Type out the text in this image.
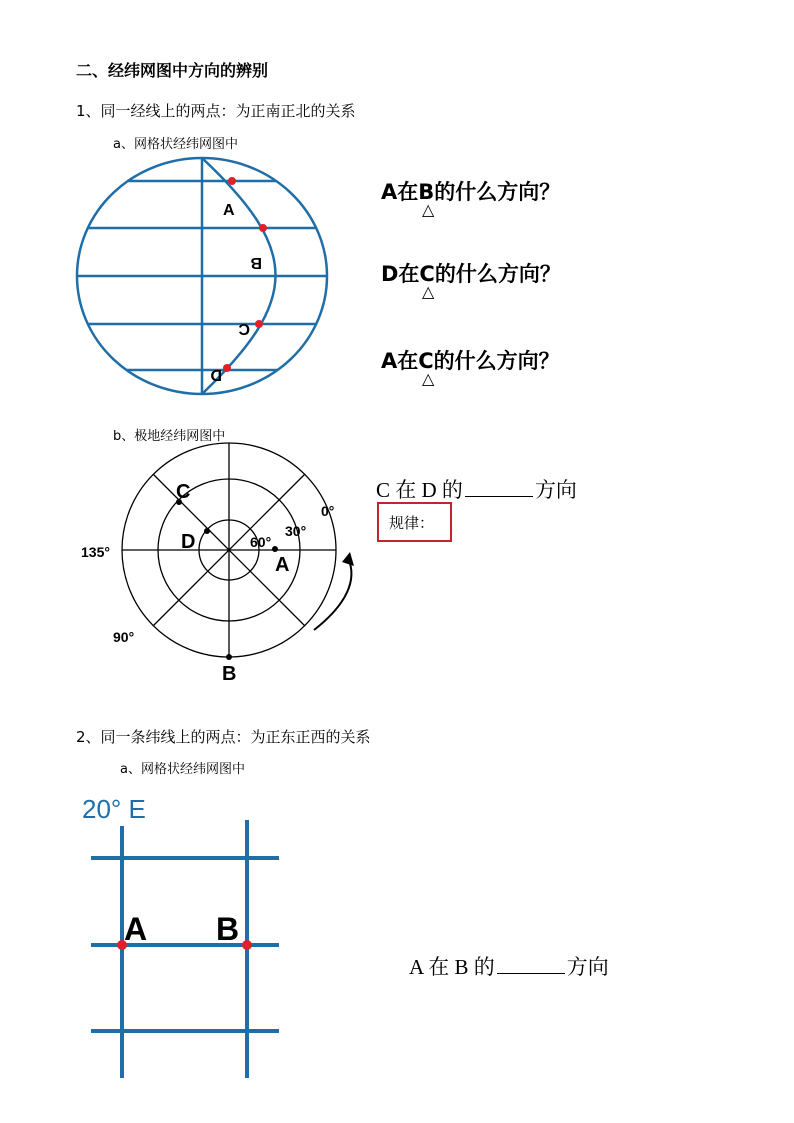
二、经纬网图中方向的辨别
1、同一经线上的两点：为正南正北的关系
a、网格状经纬网图中
A
B
C
D
A在B的什么方向？
△
D在C的什么方向？
△
A在C的什么方向？
△
b、极地经纬网图中
C
D
A
B
60°
30°
0°
135°
90°
C 在 D 的	方向
规律：
2、同一条纬线上的两点：为正东正西的关系
a、网格状经纬网图中
20° E
A B
A 在 B 的	方向
